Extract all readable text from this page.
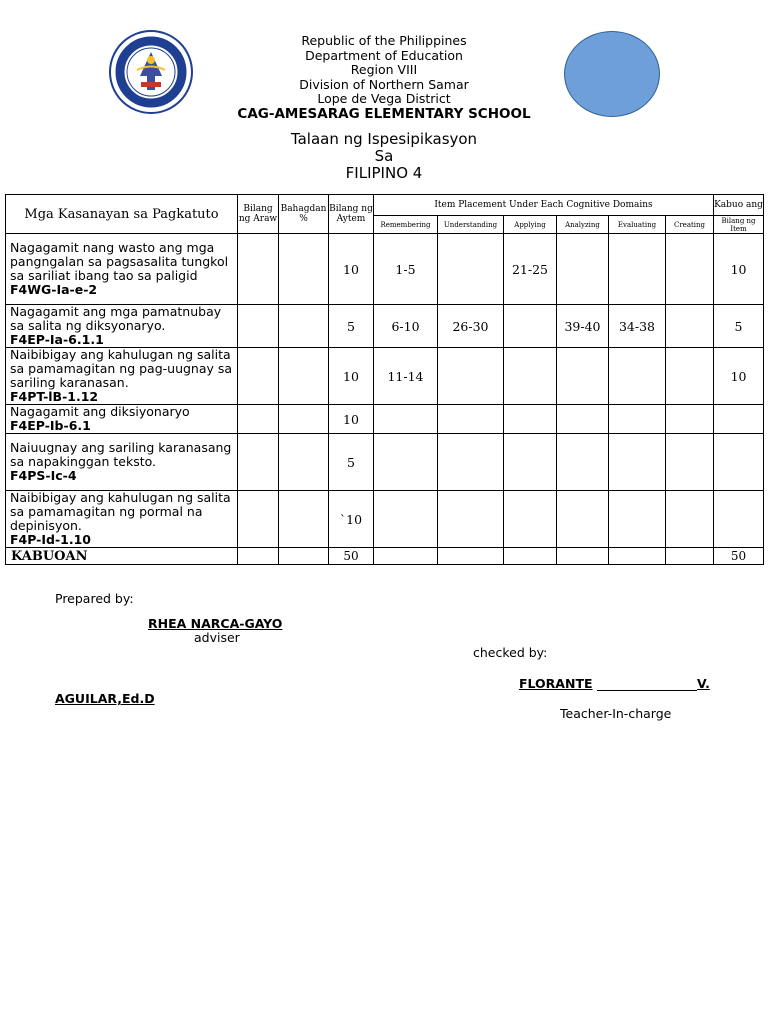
Republic of the Philippines
Department of Education
Region VIII
Division of Northern Samar
Lope de Vega District
CAG-AMESARAG ELEMENTARY SCHOOL
Talaan ng Ispesipikasyon
Sa
FILIPINO 4
Mga Kasanayan sa Pagkatuto	Bilang ng Araw	Bahagdan %	Bilang ng Aytem	Item Placement Under Each Cognitive Domains						Kabuo ang
				Remembering	Understanding	Applying	Analyzing	Evaluating	Creating	Bilang ng Item
Nagagamit nang wasto ang mga pangngalan sa pagsasalita tungkol sa sariliat ibang tao sa paligid
F4WG-Ia-e-2			10	1-5		21-25				10
Nagagamit ang mga pamatnubay sa salita ng diksyonaryo.
F4EP-Ia-6.1.1			5	6-10	26-30		39-40	34-38		5
Naibibigay ang kahulugan ng salita sa pamamagitan ng pag-uugnay sa sariling karanasan.
F4PT-lB-1.12			10	11-14						10
Nagagamit ang diksiyonaryo
F4EP-Ib-6.1			10							
Naiuugnay ang sariling karanasang sa napakinggan teksto.
F4PS-Ic-4			5							
Naibibigay ang kahulugan ng salita sa pamamagitan ng pormal na depinisyon.
F4P-Id-1.10			`10							
KABUOAN			50							50
Prepared by:
RHEA NARCA-GAYO
adviser
checked by:
FLORANTE	V.
AGUILAR,Ed.D
Teacher-In-charge
